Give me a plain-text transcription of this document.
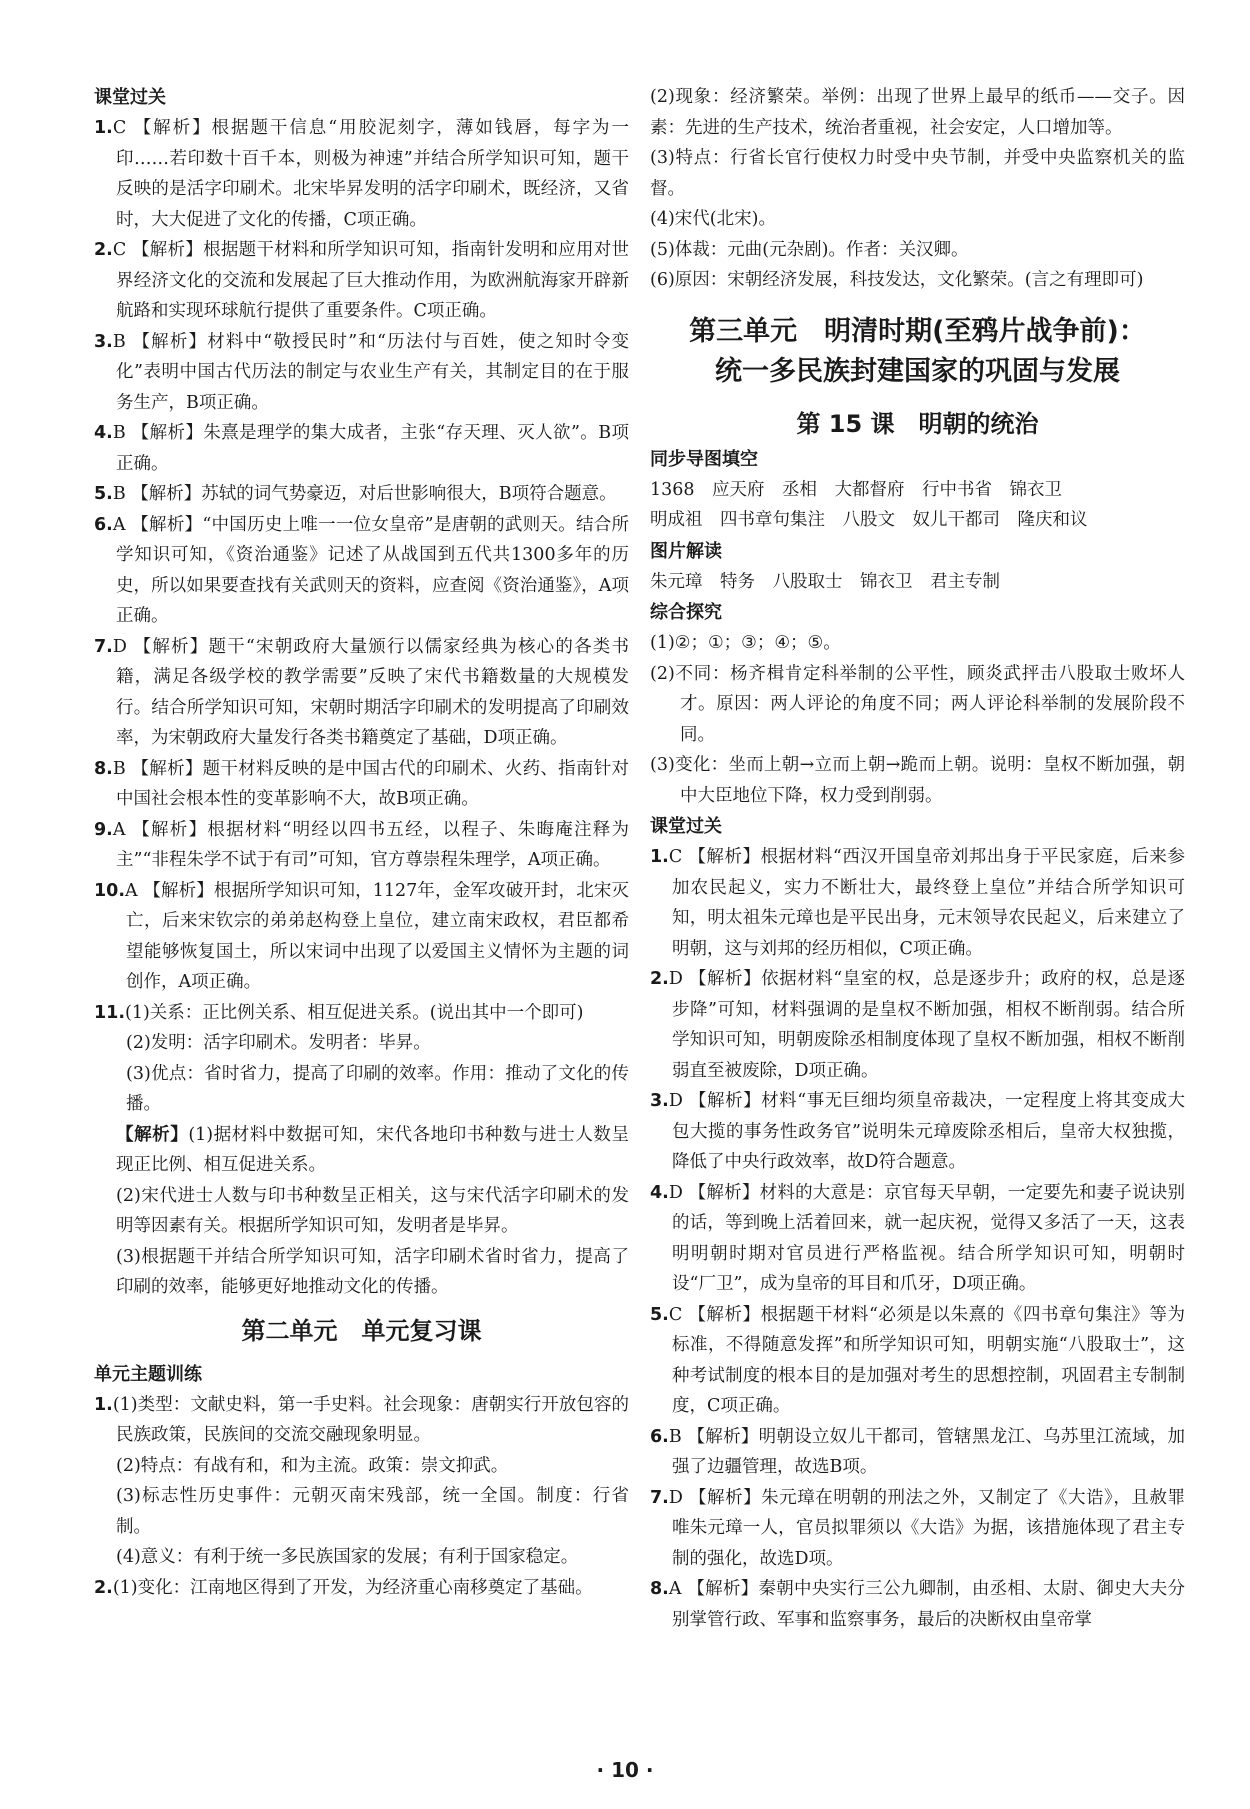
课堂过关

1.C 【解析】根据题干信息“用胶泥刻字，薄如钱唇，每字为一印……若印数十百千本，则极为神速”并结合所学知识可知，题干反映的是活字印刷术。北宋毕昇发明的活字印刷术，既经济，又省时，大大促进了文化的传播，C项正确。

2.C 【解析】根据题干材料和所学知识可知，指南针发明和应用对世界经济文化的交流和发展起了巨大推动作用，为欧洲航海家开辟新航路和实现环球航行提供了重要条件。C项正确。

3.B 【解析】材料中“敬授民时”和“历法付与百姓，使之知时令变化”表明中国古代历法的制定与农业生产有关，其制定目的在于服务生产，B项正确。

4.B 【解析】朱熹是理学的集大成者，主张“存天理、灭人欲”。B项正确。

5.B 【解析】苏轼的词气势豪迈，对后世影响很大，B项符合题意。

6.A 【解析】“中国历史上唯一一位女皇帝”是唐朝的武则天。结合所学知识可知，《资治通鉴》记述了从战国到五代共1300多年的历史，所以如果要查找有关武则天的资料，应查阅《资治通鉴》，A项正确。

7.D 【解析】题干“宋朝政府大量颁行以儒家经典为核心的各类书籍，满足各级学校的教学需要”反映了宋代书籍数量的大规模发行。结合所学知识可知，宋朝时期活字印刷术的发明提高了印刷效率，为宋朝政府大量发行各类书籍奠定了基础，D项正确。

8.B 【解析】题干材料反映的是中国古代的印刷术、火药、指南针对中国社会根本性的变革影响不大，故B项正确。

9.A 【解析】根据材料“明经以四书五经，以程子、朱晦庵注释为主”“非程朱学不试于有司”可知，官方尊崇程朱理学，A项正确。

10.A 【解析】根据所学知识可知，1127年，金军攻破开封，北宋灭亡，后来宋钦宗的弟弟赵构登上皇位，建立南宋政权，君臣都希望能够恢复国土，所以宋词中出现了以爱国主义情怀为主题的词创作，A项正确。

11.(1)关系：正比例关系、相互促进关系。(说出其中一个即可)

(2)发明：活字印刷术。发明者：毕昇。

(3)优点：省时省力，提高了印刷的效率。作用：推动了文化的传播。

【解析】(1)据材料中数据可知，宋代各地印书种数与进士人数呈现正比例、相互促进关系。

(2)宋代进士人数与印书种数呈正相关，这与宋代活字印刷术的发明等因素有关。根据所学知识可知，发明者是毕昇。

(3)根据题干并结合所学知识可知，活字印刷术省时省力，提高了印刷的效率，能够更好地推动文化的传播。

第二单元　单元复习课

单元主题训练

1.(1)类型：文献史料，第一手史料。社会现象：唐朝实行开放包容的民族政策，民族间的交流交融现象明显。

(2)特点：有战有和，和为主流。政策：崇文抑武。

(3)标志性历史事件：元朝灭南宋残部，统一全国。制度：行省制。

(4)意义：有利于统一多民族国家的发展；有利于国家稳定。

2.(1)变化：江南地区得到了开发，为经济重心南移奠定了基础。

(2)现象：经济繁荣。举例：出现了世界上最早的纸币——交子。因素：先进的生产技术，统治者重视，社会安定，人口增加等。

(3)特点：行省长官行使权力时受中央节制，并受中央监察机关的监督。

(4)宋代(北宋)。

(5)体裁：元曲(元杂剧)。作者：关汉卿。

(6)原因：宋朝经济发展，科技发达，文化繁荣。(言之有理即可)

第三单元　明清时期(至鸦片战争前)：

统一多民族封建国家的巩固与发展

第 15 课　明朝的统治

同步导图填空

1368　应天府　丞相　大都督府　行中书省　锦衣卫

明成祖　四书章句集注　八股文　奴儿干都司　隆庆和议

图片解读

朱元璋　特务　八股取士　锦衣卫　君主专制

综合探究

(1)②；①；③；④；⑤。

(2)不同：杨齐楫肯定科举制的公平性，顾炎武抨击八股取士败坏人才。原因：两人评论的角度不同；两人评论科举制的发展阶段不同。

(3)变化：坐而上朝→立而上朝→跪而上朝。说明：皇权不断加强，朝中大臣地位下降，权力受到削弱。

课堂过关

1.C 【解析】根据材料“西汉开国皇帝刘邦出身于平民家庭，后来参加农民起义，实力不断壮大，最终登上皇位”并结合所学知识可知，明太祖朱元璋也是平民出身，元末领导农民起义，后来建立了明朝，这与刘邦的经历相似，C项正确。

2.D 【解析】依据材料“皇室的权，总是逐步升；政府的权，总是逐步降”可知，材料强调的是皇权不断加强，相权不断削弱。结合所学知识可知，明朝废除丞相制度体现了皇权不断加强，相权不断削弱直至被废除，D项正确。

3.D 【解析】材料“事无巨细均须皇帝裁决，一定程度上将其变成大包大揽的事务性政务官”说明朱元璋废除丞相后，皇帝大权独揽，降低了中央行政效率，故D符合题意。

4.D 【解析】材料的大意是：京官每天早朝，一定要先和妻子说诀别的话，等到晚上活着回来，就一起庆祝，觉得又多活了一天，这表明明朝时期对官员进行严格监视。结合所学知识可知，明朝时设“厂卫”，成为皇帝的耳目和爪牙，D项正确。

5.C 【解析】根据题干材料“必须是以朱熹的《四书章句集注》等为标准，不得随意发挥”和所学知识可知，明朝实施“八股取士”，这种考试制度的根本目的是加强对考生的思想控制，巩固君主专制制度，C项正确。

6.B 【解析】明朝设立奴儿干都司，管辖黑龙江、乌苏里江流域，加强了边疆管理，故选B项。

7.D 【解析】朱元璋在明朝的刑法之外，又制定了《大诰》，且赦罪唯朱元璋一人，官员拟罪须以《大诰》为据，该措施体现了君主专制的强化，故选D项。

8.A 【解析】秦朝中央实行三公九卿制，由丞相、太尉、御史大夫分别掌管行政、军事和监察事务，最后的决断权由皇帝掌

· 10 ·
